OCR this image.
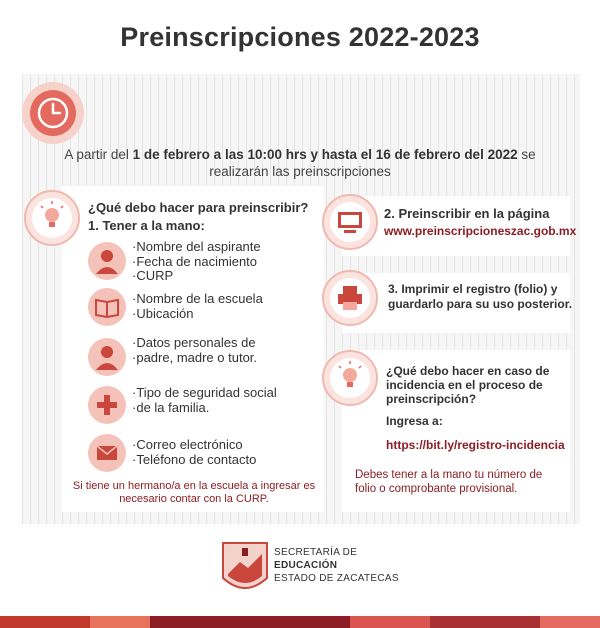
Preinscripciones 2022-2023
A partir del 1 de febrero a las 10:00 hrs y hasta el 16 de febrero del 2022 se realizarán las preinscripciones
¿Qué debo hacer para preinscribir?
1. Tener a la mano:
· Nombre del aspirante
· Fecha de nacimiento
· CURP
· Nombre de la escuela
· Ubicación
· Datos personales de
· padre, madre o tutor.
· Tipo de seguridad social
· de la familia.
· Correo electrónico
· Teléfono de contacto
Si tiene un hermano/a en la escuela a ingresar es necesario contar con la CURP.
2. Preinscribir en la página
www.preinscripcioneszac.gob.mx
3. Imprimir el registro (folio) y
guardarlo para su uso posterior.
¿Qué debo hacer en caso de
incidencia en el proceso de
preinscripción?
Ingresa a:
https://bit.ly/registro-incidencia
Debes tener a la mano tu número de
folio o comprobante provisional.
SECRETARÍA DE
EDUCACIÓN
ESTADO DE ZACATECAS
